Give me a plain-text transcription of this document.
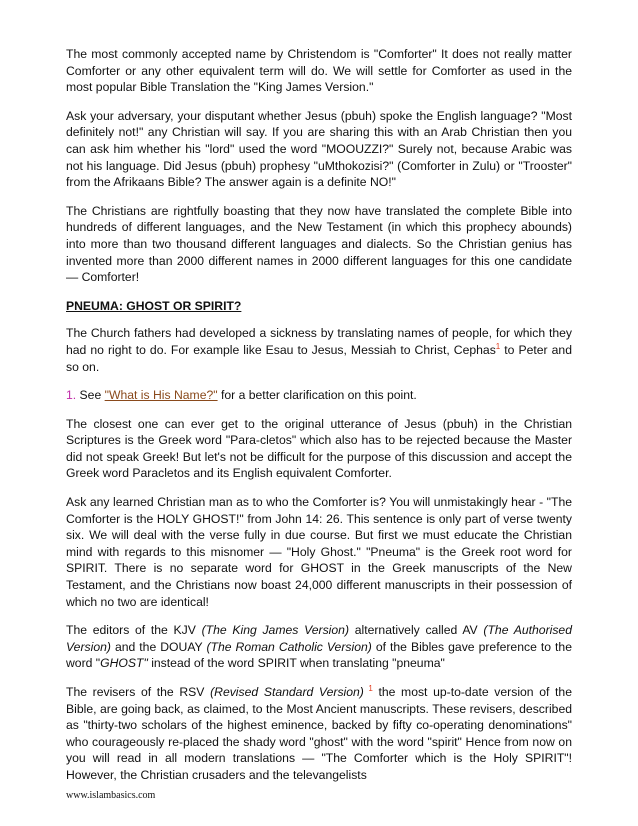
The most commonly accepted name by Christendom is "Comforter" It does not really matter Comforter or any other equivalent term will do. We will settle for Comforter as used in the most popular Bible Translation the "King James Version."

Ask your adversary, your disputant whether Jesus (pbuh) spoke the English language? "Most definitely not!" any Christian will say. If you are sharing this with an Arab Christian then you can ask him whether his "lord" used the word "MOOUZZI?" Surely not, because Arabic was not his language. Did Jesus (pbuh) prophesy "uMthokozisi?" (Comforter in Zulu) or "Trooster" from the Afrikaans Bible? The answer again is a definite NO!"

The Christians are rightfully boasting that they now have translated the complete Bible into hundreds of different languages, and the New Testament (in which this prophecy abounds) into more than two thousand different languages and dialects. So the Christian genius has invented more than 2000 different names in 2000 different languages for this one candidate — Comforter!

PNEUMA: GHOST OR SPIRIT?

The Church fathers had developed a sickness by translating names of people, for which they had no right to do. For example like Esau to Jesus, Messiah to Christ, Cephas$^1$ to Peter and so on.

1. See "What is His Name?" for a better clarification on this point.

The closest one can ever get to the original utterance of Jesus (pbuh) in the Christian Scriptures is the Greek word "Para-cletos" which also has to be rejected because the Master did not speak Greek! But let's not be difficult for the purpose of this discussion and accept the Greek word Paracletos and its English equivalent Comforter.

Ask any learned Christian man as to who the Comforter is? You will unmistakingly hear - "The Comforter is the HOLY GHOST!" from John 14: 26. This sentence is only part of verse twenty six. We will deal with the verse fully in due course. But first we must educate the Christian mind with regards to this misnomer — "Holy Ghost." "Pneuma" is the Greek root word for SPIRIT. There is no separate word for GHOST in the Greek manuscripts of the New Testament, and the Christians now boast 24,000 different manuscripts in their possession of which no two are identical!

The editors of the KJV (The King James Version) alternatively called AV (The Authorised Version) and the DOUAY (The Roman Catholic Version) of the Bibles gave preference to the word "GHOST" instead of the word SPIRIT when translating "pneuma"

The revisers of the RSV (Revised Standard Version) $^1$ the most up-to-date version of the Bible, are going back, as claimed, to the Most Ancient manuscripts. These revisers, described as "thirty-two scholars of the highest eminence, backed by fifty co-operating denominations" who courageously re-placed the shady word "ghost" with the word "spirit" Hence from now on you will read in all modern translations — "The Comforter which is the Holy SPIRIT"! However, the Christian crusaders and the televangelists

www.islambasics.com
